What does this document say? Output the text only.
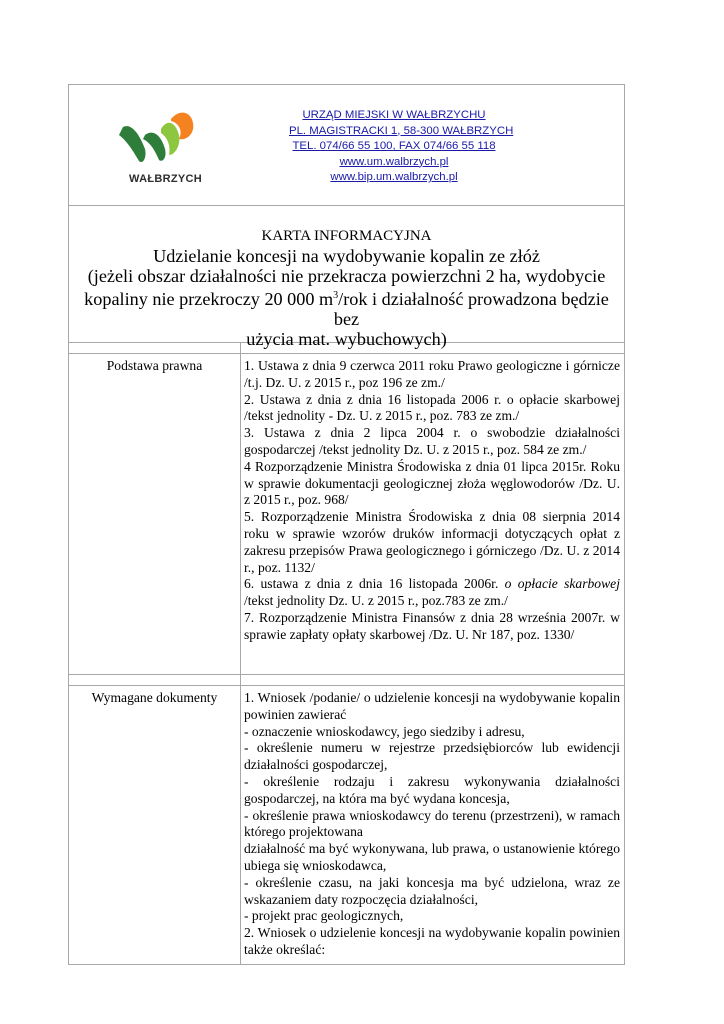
WAŁBRZYCH
URZĄD MIEJSKI W WAŁBRZYCHU
PL. MAGISTRACKI 1, 58-300 WAŁBRZYCH
TEL. 074/66 55 100, FAX 074/66 55 118
www.um.walbrzych.pl
www.bip.um.walbrzych.pl
KARTA INFORMACYJNA
Udzielanie koncesji na wydobywanie kopalin ze złóż
(jeżeli obszar działalności nie przekracza powierzchni 2 ha, wydobycie
kopaliny nie przekroczy 20 000 $m^3$/rok i działalność prowadzona będzie bez
użycia mat. wybuchowych)
Podstawa prawna	1. Ustawa z dnia 9 czerwca 2011 roku Prawo geologiczne i górnicze /t.j. Dz. U. z 2015 r., poz 196 ze zm./

2. Ustawa z dnia z dnia 16 listopada 2006 r. o opłacie skarbowej /tekst jednolity - Dz. U. z 2015 r., poz. 783 ze zm./

3. Ustawa z dnia 2 lipca 2004 r. o swobodzie działalności gospodarczej /tekst jednolity Dz. U. z 2015 r., poz. 584 ze zm./

4 Rozporządzenie Ministra Środowiska z dnia 01 lipca 2015r. Roku w sprawie dokumentacji geologicznej złoża węglowodorów /Dz. U. z 2015 r., poz. 968/

5. Rozporządzenie Ministra Środowiska z dnia 08 sierpnia 2014 roku w sprawie wzorów druków informacji dotyczących opłat z zakresu przepisów Prawa geologicznego i górniczego /Dz. U. z 2014 r., poz. 1132/

6. ustawa z dnia z dnia 16 listopada 2006r. o opłacie skarbowej /tekst jednolity Dz. U. z 2015 r., poz.783 ze zm./

7. Rozporządzenie Ministra Finansów z dnia 28 września 2007r. w sprawie zapłaty opłaty skarbowej /Dz. U. Nr 187, poz. 1330/

Wymagane dokumenty	1. Wniosek /podanie/ o udzielenie koncesji na wydobywanie kopalin powinien zawierać

- oznaczenie wnioskodawcy, jego siedziby i adresu,

- określenie numeru w rejestrze przedsiębiorców lub ewidencji działalności gospodarczej,

- określenie rodzaju i zakresu wykonywania działalności gospodarczej, na która ma być wydana koncesja,

- określenie prawa wnioskodawcy do terenu (przestrzeni), w ramach którego projektowana

działalność ma być wykonywana, lub prawa, o ustanowienie którego ubiega się wnioskodawca,

- określenie czasu, na jaki koncesja ma być udzielona, wraz ze wskazaniem daty rozpoczęcia działalności,

- projekt prac geologicznych,

2. Wniosek o udzielenie koncesji na wydobywanie kopalin powinien także określać:
